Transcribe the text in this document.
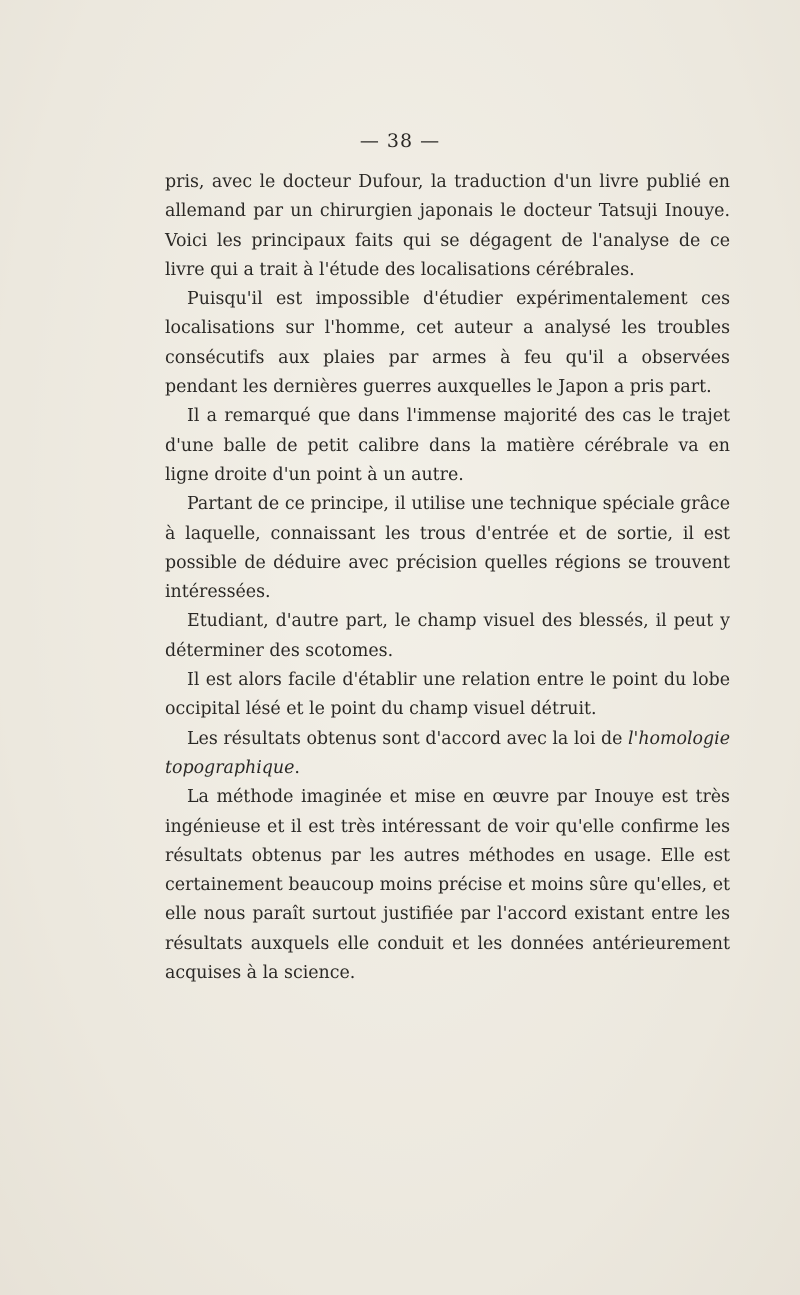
— 38 —

pris, avec le docteur Dufour, la traduction d'un livre publié en allemand par un chirurgien japonais le docteur Tatsuji Inouye. Voici les principaux faits qui se dégagent de l'analyse de ce livre qui a trait à l'étude des localisations cérébrales.

Puisqu'il est impossible d'étudier expérimentalement ces localisations sur l'homme, cet auteur a analysé les troubles consécutifs aux plaies par armes à feu qu'il a observées pendant les dernières guerres auxquelles le Japon a pris part.

Il a remarqué que dans l'immense majorité des cas le trajet d'une balle de petit calibre dans la matière cérébrale va en ligne droite d'un point à un autre.

Partant de ce principe, il utilise une technique spéciale grâce à laquelle, connaissant les trous d'entrée et de sortie, il est possible de déduire avec précision quelles régions se trouvent intéressées.

Etudiant, d'autre part, le champ visuel des blessés, il peut y déterminer des scotomes.

Il est alors facile d'établir une relation entre le point du lobe occipital lésé et le point du champ visuel détruit.

Les résultats obtenus sont d'accord avec la loi de l'homologie topographique.

La méthode imaginée et mise en œuvre par Inouye est très ingénieuse et il est très intéressant de voir qu'elle confirme les résultats obtenus par les autres méthodes en usage. Elle est certainement beaucoup moins précise et moins sûre qu'elles, et elle nous paraît surtout justifiée par l'accord existant entre les résultats auxquels elle conduit et les données antérieurement acquises à la science.
